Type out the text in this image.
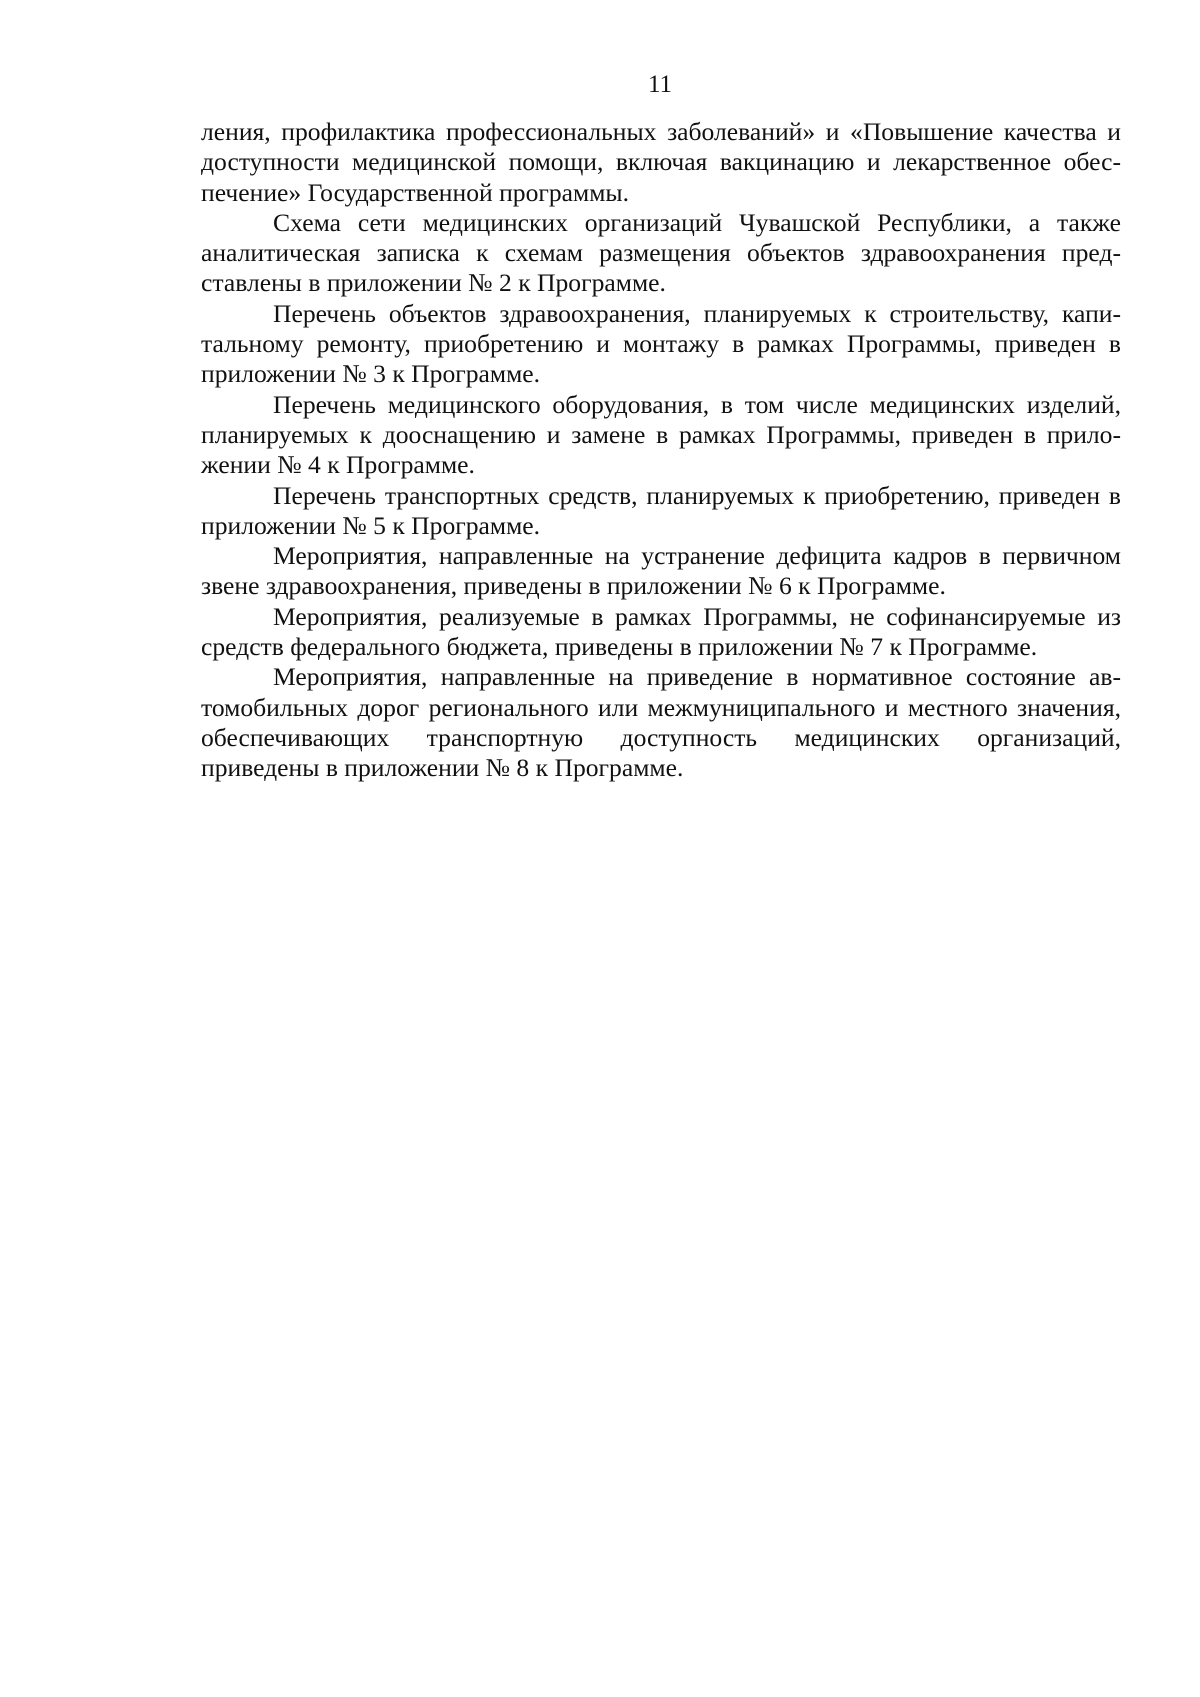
11

ления, профилактика профессиональных заболеваний» и «Повышение качества и доступности медицинской помощи, включая вакцинацию и лекарственное обеспечение» Государственной программы.

Схема сети медицинских организаций Чувашской Республики, а также аналитическая записка к схемам размещения объектов здравоохранения представлены в приложении № 2 к Программе.

Перечень объектов здравоохранения, планируемых к строительству, капитальному ремонту, приобретению и монтажу в рамках Программы, приведен в приложении № 3 к Программе.

Перечень медицинского оборудования, в том числе медицинских изделий, планируемых к дооснащению и замене в рамках Программы, приведен в приложении № 4 к Программе.

Перечень транспортных средств, планируемых к приобретению, приведен в приложении № 5 к Программе.

Мероприятия, направленные на устранение дефицита кадров в первичном звене здравоохранения, приведены в приложении № 6 к Программе.

Мероприятия, реализуемые в рамках Программы, не софинансируемые из средств федерального бюджета, приведены в приложении № 7 к Программе.

Мероприятия, направленные на приведение в нормативное состояние автомобильных дорог регионального или межмуниципального и местного значения, обеспечивающих транспортную доступность медицинских организаций, приведены в приложении № 8 к Программе.
